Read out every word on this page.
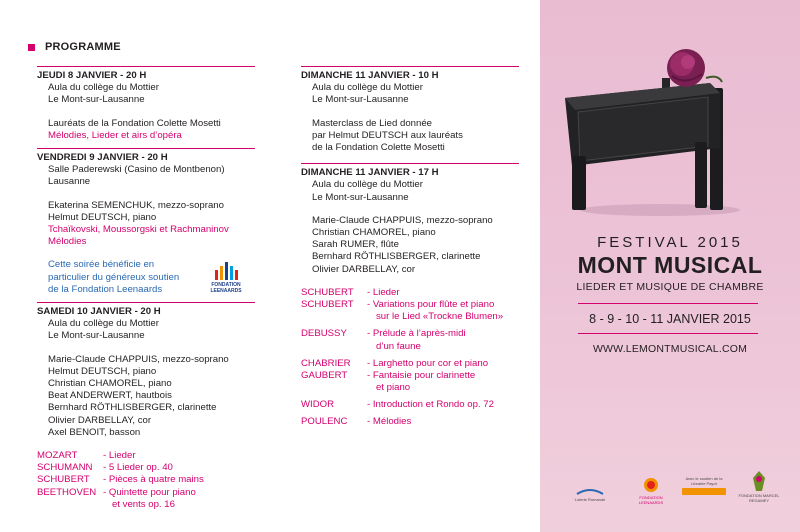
PROGRAMME
JEUDI 8 JANVIER - 20 H
Aula du collège du Mottier
Le Mont-sur-Lausanne
Lauréats de la Fondation Colette Mosetti
Mélodies, Lieder et airs d’opéra
VENDREDI 9 JANVIER - 20 H
Salle Paderewski (Casino de Montbenon)
Lausanne
Ekaterina SEMENCHUK, mezzo-soprano
Helmut DEUTSCH, piano
Tchaïkovski, Moussorgski et Rachmaninov
Mélodies
Cette soirée bénéficie en particulier du généreux soutien de la Fondation Leenaards	FONDATION LEENAARDS
SAMEDI 10 JANVIER - 20 H
Aula du collège du Mottier
Le Mont-sur-Lausanne
Marie-Claude CHAPPUIS, mezzo-soprano
Helmut DEUTSCH, piano
Christian CHAMOREL, piano
Beat ANDERWERT, hautbois
Bernhard RÖTHLISBERGER, clarinette
Olivier DARBELLAY, cor
Axel BENOIT, basson
MOZART	- Lieder
SCHUMANN	- 5 Lieder op. 40
SCHUBERT	- Pièces à quatre mains
BEETHOVEN - Quintette pour piano
et vents op. 16
DIMANCHE 11 JANVIER - 10 H
Aula du collège du Mottier
Le Mont-sur-Lausanne
Masterclass de Lied donnée
par Helmut DEUTSCH aux lauréats
de la Fondation Colette Mosetti
DIMANCHE 11 JANVIER - 17 H
Aula du collège du Mottier
Le Mont-sur-Lausanne
Marie-Claude CHAPPUIS, mezzo-soprano
Christian CHAMOREL, piano
Sarah RUMER, flûte
Bernhard RÖTHLISBERGER, clarinette
Olivier DARBELLAY, cor
SCHUBERT	- Lieder
SCHUBERT	- Variations pour flûte et piano
sur le Lied «Trockne Blumen»
DEBUSSY	- Prélude à l’après-midi
d’un faune
CHABRIER	- Larghetto pour cor et piano
GAUBERT	- Fantaisie pour clarinette
et piano
WIDOR	- Introduction et Rondo op. 72
POULENC	- Mélodies
FESTIVAL 2015
MONT MUSICAL
LIEDER ET MUSIQUE DE CHAMBRE
8 - 9 - 10 - 11 JANVIER 2015
WWW.LEMONTMUSICAL.COM
Loterie Romande	FONDATION LEENAARDS
Avec le soutien de la Librairie Payot
FONDATION MARCEL REGAMEY
